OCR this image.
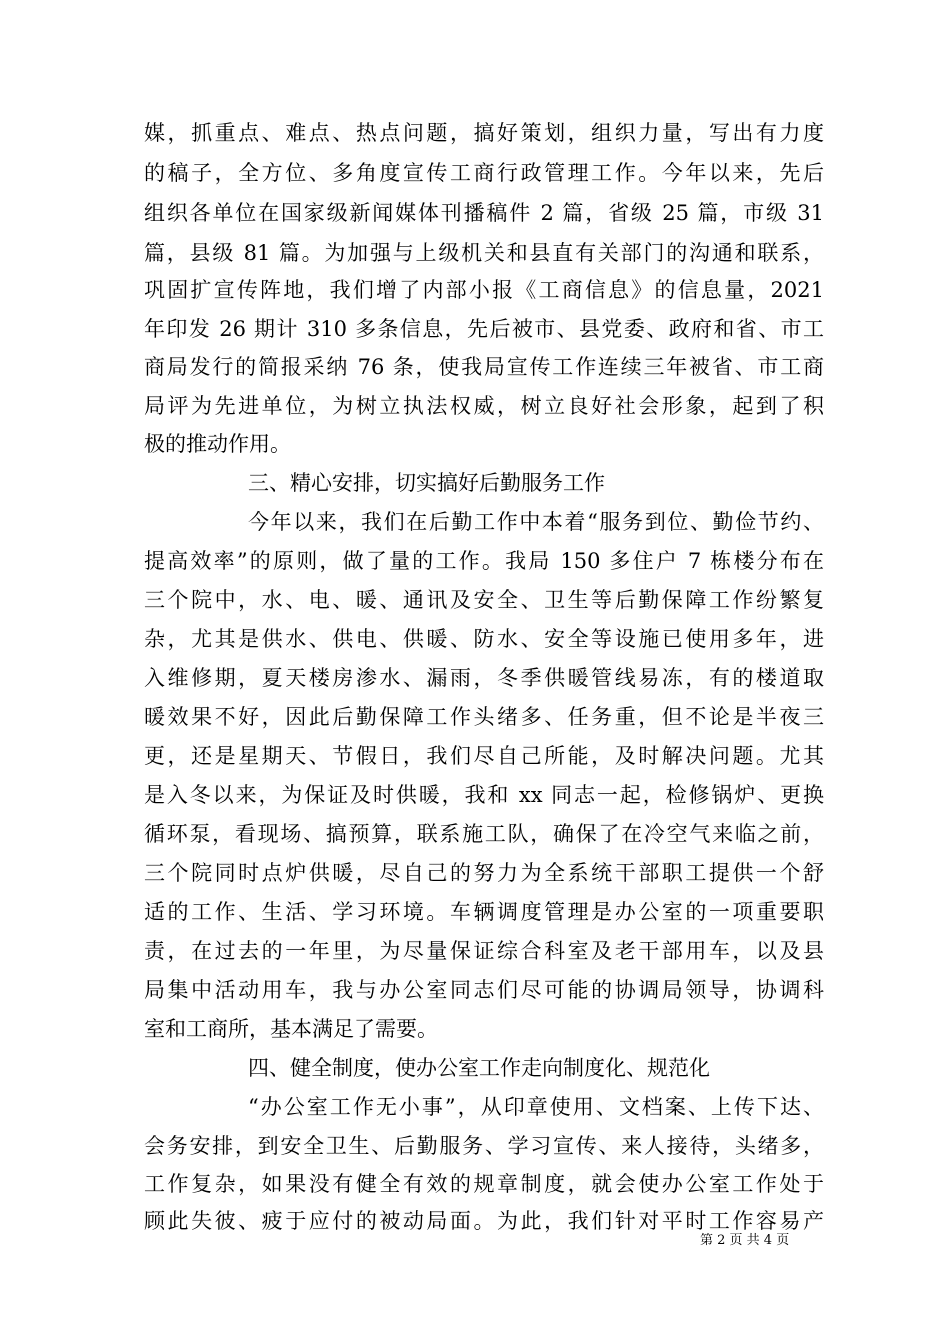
媒，抓重点、难点、热点问题，搞好策划，组织力量，写出有力度
的稿子，全方位、多角度宣传工商行政管理工作。今年以来，先后
组织各单位在国家级新闻媒体刊播稿件 2 篇，省级 25 篇，市级 31
篇，县级 81 篇。为加强与上级机关和县直有关部门的沟通和联系，
巩固扩宣传阵地，我们增了内部小报《工商信息》的信息量，2021
年印发 26 期计 310 多条信息，先后被市、县党委、政府和省、市工
商局发行的简报采纳 76 条，使我局宣传工作连续三年被省、市工商
局评为先进单位，为树立执法权威，树立良好社会形象，起到了积
极的推动作用。
三、精心安排，切实搞好后勤服务工作
今年以来，我们在后勤工作中本着“服务到位、勤俭节约、
提高效率”的原则，做了量的工作。我局 150 多住户 7 栋楼分布在
三个院中，水、电、暖、通讯及安全、卫生等后勤保障工作纷繁复
杂，尤其是供水、供电、供暖、防水、安全等设施已使用多年，进
入维修期，夏天楼房渗水、漏雨，冬季供暖管线易冻，有的楼道取
暖效果不好，因此后勤保障工作头绪多、任务重，但不论是半夜三
更，还是星期天、节假日，我们尽自己所能，及时解决问题。尤其
是入冬以来，为保证及时供暖，我和 xx 同志一起，检修锅炉、更换
循环泵，看现场、搞预算，联系施工队，确保了在冷空气来临之前，
三个院同时点炉供暖，尽自己的努力为全系统干部职工提供一个舒
适的工作、生活、学习环境。车辆调度管理是办公室的一项重要职
责，在过去的一年里，为尽量保证综合科室及老干部用车，以及县
局集中活动用车，我与办公室同志们尽可能的协调局领导，协调科
室和工商所，基本满足了需要。
四、健全制度，使办公室工作走向制度化、规范化
“办公室工作无小事”，从印章使用、文档案、上传下达、
会务安排，到安全卫生、后勤服务、学习宣传、来人接待，头绪多，
工作复杂，如果没有健全有效的规章制度，就会使办公室工作处于
顾此失彼、疲于应付的被动局面。为此，我们针对平时工作容易产
第 2 页 共 4 页
